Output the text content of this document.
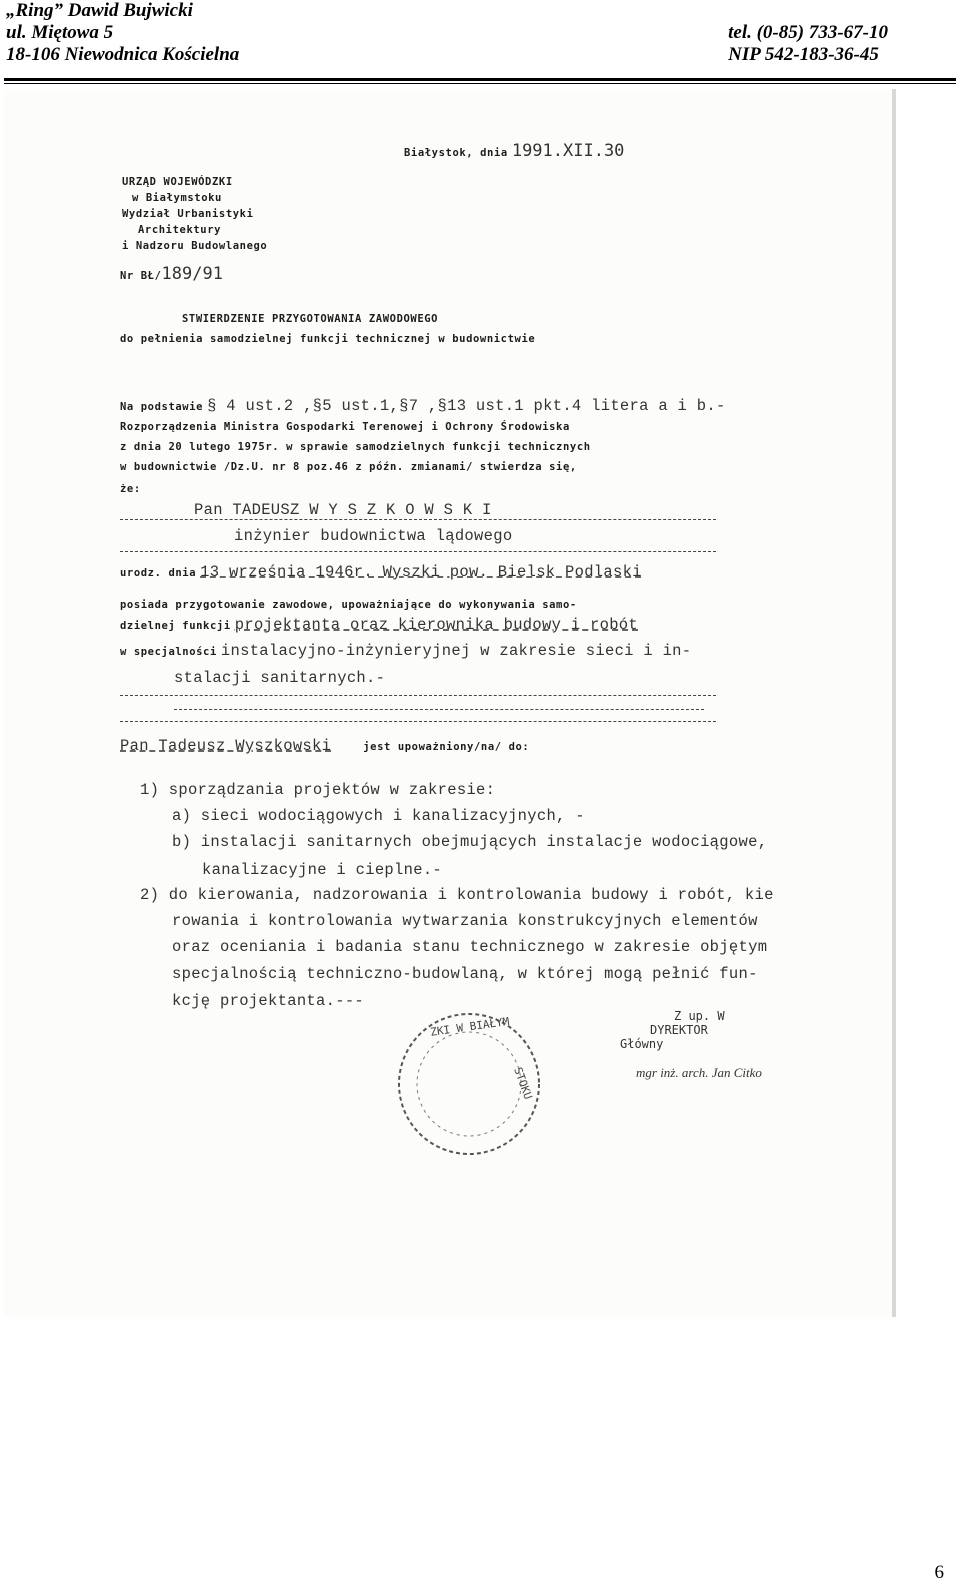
„Ring” Dawid Bujwicki
ul. Miętowa 5
18-106 Niewodnica Kościelna
tel. (0-85) 733-67-10
NIP 542-183-36-45
Białystok, dnia 1991.XII.30
URZĄD WOJEWÓDZKI
w Białymstoku
Wydział Urbanistyki
Architektury
i Nadzoru Budowlanego
Nr BŁ/189/91
STWIERDZENIE PRZYGOTOWANIA ZAWODOWEGO
do pełnienia samodzielnej funkcji technicznej w budownictwie
Na podstawie § 4 ust.2 ,§5 ust.1,§7 ,§13 ust.1 pkt.4 litera a i b.-
Rozporządzenia Ministra Gospodarki Terenowej i Ochrony Środowiska
z dnia 20 lutego 1975r. w sprawie samodzielnych funkcji technicznych
w budownictwie /Dz.U. nr 8 poz.46 z późn. zmianami/ stwierdza się,
że:
Pan TADEUSZ W Y S Z K O W S K I
inżynier budownictwa lądowego
urodz. dnia 13 września 1946r. Wyszki pow. Bielsk Podlaski
posiada przygotowanie zawodowe, upoważniające do wykonywania samo-
dzielnej funkcji projektanta oraz kierownika budowy i robót
w specjalności instalacyjno-inżynieryjnej w zakresie sieci i in-
stalacji sanitarnych.-
Pan Tadeusz Wyszkowski	jest upoważniony/na/ do:
1) sporządzania projektów w zakresie:
a) sieci wodociągowych i kanalizacyjnych, -
b) instalacji sanitarnych obejmujących instalacje wodociągowe,
kanalizacyjne i cieplne.-
2) do kierowania, nadzorowania i kontrolowania budowy i robót, kie
rowania i kontrolowania wytwarzania konstrukcyjnych elementów
oraz oceniania i badania stanu technicznego w zakresie objętym
specjalnością techniczno-budowlaną, w której mogą pełnić fun-
kcję projektanta.---
ZKI W BIAŁYM
STOKU
Z up. W
DYREKTOR
Główny
mgr inż. arch. Jan Citko
6
